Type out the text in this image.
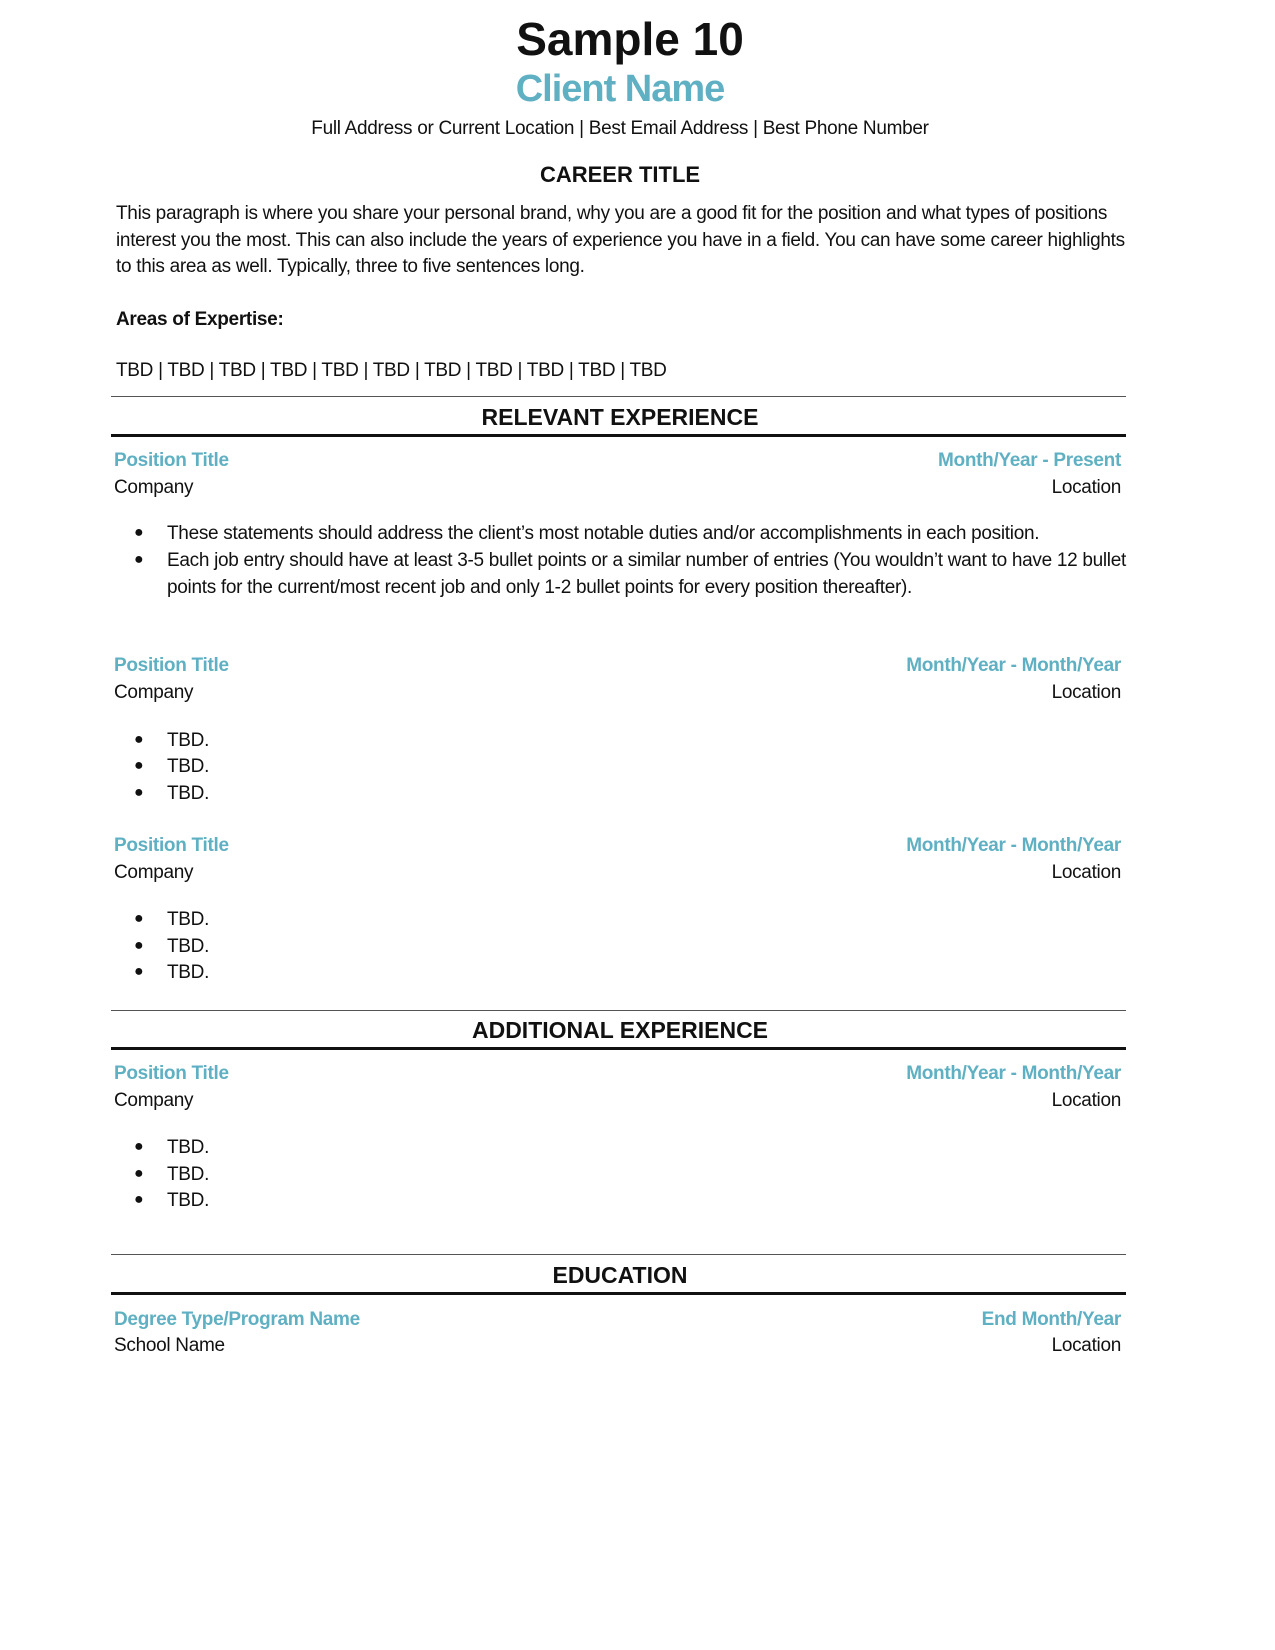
Sample 10
Client Name
Full Address or Current Location | Best Email Address | Best Phone Number
CAREER TITLE
This paragraph is where you share your personal brand, why you are a good fit for the position and what types of positions interest you the most. This can also include the years of experience you have in a field. You can have some career highlights to this area as well. Typically, three to five sentences long.
Areas of Expertise:
TBD | TBD | TBD | TBD | TBD | TBD | TBD | TBD | TBD | TBD | TBD
RELEVANT EXPERIENCE
Position Title	Month/Year - Present
Company	Location
● These statements should address the client’s most notable duties and/or accomplishments in each position.
● Each job entry should have at least 3-5 bullet points or a similar number of entries (You wouldn’t want to have 12 bullet points for the current/most recent job and only 1-2 bullet points for every position thereafter).
Position Title	Month/Year - Month/Year
Company	Location
● TBD.
● TBD.
● TBD.
Position Title	Month/Year - Month/Year
Company	Location
● TBD.
● TBD.
● TBD.
Position Title	Month/Year - Month/Year
Company	Location
● TBD.
● TBD.
● TBD.
ADDITIONAL EXPERIENCE
EDUCATION
Degree Type/Program Name	End Month/Year
School Name	Location
